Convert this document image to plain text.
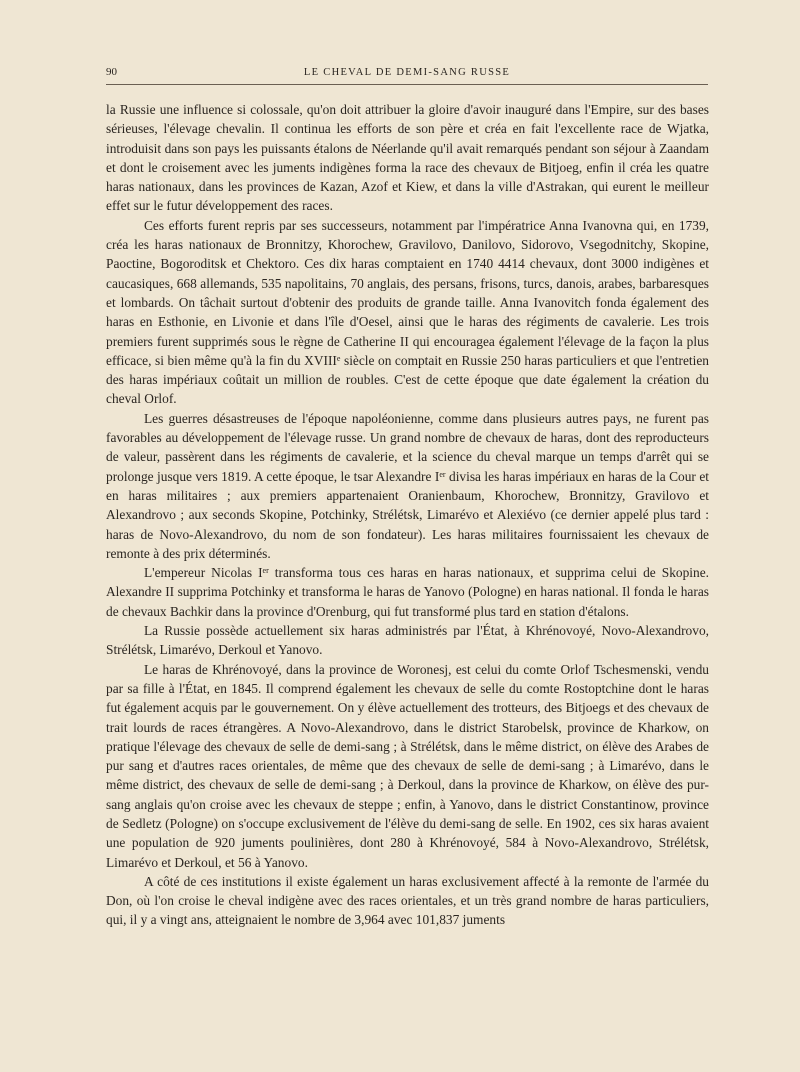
90	LE CHEVAL DE DEMI-SANG RUSSE

la Russie une influence si colossale, qu'on doit attribuer la gloire d'avoir inauguré dans l'Empire, sur des bases sérieuses, l'élevage chevalin. Il continua les efforts de son père et créa en fait l'excellente race de Wjatka, introduisit dans son pays les puissants étalons de Néerlande qu'il avait remarqués pendant son séjour à Zaandam et dont le croisement avec les juments indigènes forma la race des chevaux de Bitjoeg, enfin il créa les quatre haras nationaux, dans les provinces de Kazan, Azof et Kiew, et dans la ville d'Astrakan, qui eurent le meilleur effet sur le futur développement des races.

Ces efforts furent repris par ses successeurs, notamment par l'impératrice Anna Ivanovna qui, en 1739, créa les haras nationaux de Bronnitzy, Khorochew, Gravilovo, Danilovo, Sidorovo, Vsegodnitchy, Skopine, Paoctine, Bogoroditsk et Chektoro. Ces dix haras comptaient en 1740 4414 chevaux, dont 3000 indigènes et caucasiques, 668 allemands, 535 napolitains, 70 anglais, des persans, frisons, turcs, danois, arabes, barbaresques et lombards. On tâchait surtout d'obtenir des produits de grande taille. Anna Ivanovitch fonda également des haras en Esthonie, en Livonie et dans l'île d'Oesel, ainsi que le haras des régiments de cavalerie. Les trois premiers furent supprimés sous le règne de Catherine II qui encouragea également l'élevage de la façon la plus efficace, si bien même qu'à la fin du XVIIIe siècle on comptait en Russie 250 haras particuliers et que l'entretien des haras impériaux coûtait un million de roubles. C'est de cette époque que date également la création du cheval Orlof.

Les guerres désastreuses de l'époque napoléonienne, comme dans plusieurs autres pays, ne furent pas favorables au développement de l'élevage russe. Un grand nombre de chevaux de haras, dont des reproducteurs de valeur, passèrent dans les régiments de cavalerie, et la science du cheval marque un temps d'arrêt qui se prolonge jusque vers 1819. A cette époque, le tsar Alexandre Ier divisa les haras impériaux en haras de la Cour et en haras militaires ; aux premiers appartenaient Oranienbaum, Khorochew, Bronnitzy, Gravilovo et Alexandrovo ; aux seconds Skopine, Potchinky, Strélétsk, Limarévo et Alexiévo (ce dernier appelé plus tard : haras de Novo-Alexandrovo, du nom de son fondateur). Les haras militaires fournissaient les chevaux de remonte à des prix déterminés.

L'empereur Nicolas Ier transforma tous ces haras en haras nationaux, et supprima celui de Skopine. Alexandre II supprima Potchinky et transforma le haras de Yanovo (Pologne) en haras national. Il fonda le haras de chevaux Bachkir dans la province d'Orenburg, qui fut transformé plus tard en station d'étalons.

La Russie possède actuellement six haras administrés par l'État, à Khrénovoyé, Novo-Alexandrovo, Strélétsk, Limarévo, Derkoul et Yanovo.

Le haras de Khrénovoyé, dans la province de Woronesj, est celui du comte Orlof Tschesmenski, vendu par sa fille à l'État, en 1845. Il comprend également les chevaux de selle du comte Rostoptchine dont le haras fut également acquis par le gouvernement. On y élève actuellement des trotteurs, des Bitjoegs et des chevaux de trait lourds de races étrangères. A Novo-Alexandrovo, dans le district Starobelsk, province de Kharkow, on pratique l'élevage des chevaux de selle de demi-sang ; à Strélétsk, dans le même district, on élève des Arabes de pur sang et d'autres races orientales, de même que des chevaux de selle de demi-sang ; à Limarévo, dans le même district, des chevaux de selle de demi-sang ; à Derkoul, dans la province de Kharkow, on élève des pur-sang anglais qu'on croise avec les chevaux de steppe ; enfin, à Yanovo, dans le district Constantinow, province de Sedletz (Pologne) on s'occupe exclusivement de l'élève du demi-sang de selle. En 1902, ces six haras avaient une population de 920 juments poulinières, dont 280 à Khrénovoyé, 584 à Novo-Alexandrovo, Strélétsk, Limarévo et Derkoul, et 56 à Yanovo.

A côté de ces institutions il existe également un haras exclusivement affecté à la remonte de l'armée du Don, où l'on croise le cheval indigène avec des races orientales, et un très grand nombre de haras particuliers, qui, il y a vingt ans, atteignaient le nombre de 3,964 avec 101,837 juments
